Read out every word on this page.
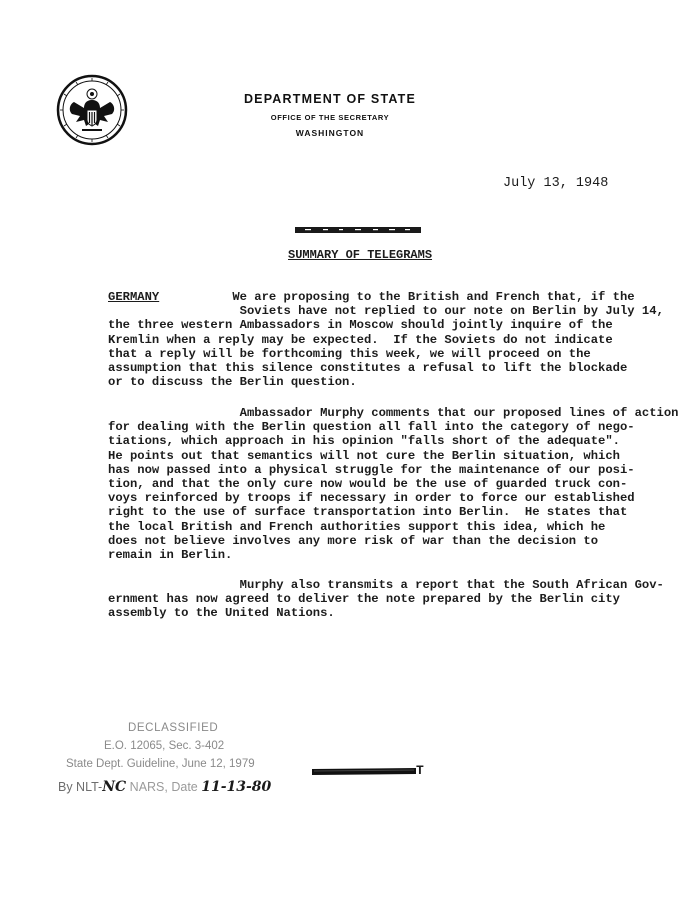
DEPARTMENT OF STATE
OFFICE OF THE SECRETARY
WASHINGTON
July 13, 1948
SUMMARY OF TELEGRAMS
GERMANY          We are proposing to the British and French that, if the
Soviets have not replied to our note on Berlin by July 14,
the three western Ambassadors in Moscow should jointly inquire of the
Kremlin when a reply may be expected.  If the Soviets do not indicate
that a reply will be forthcoming this week, we will proceed on the
assumption that this silence constitutes a refusal to lift the blockade
or to discuss the Berlin question.
Ambassador Murphy comments that our proposed lines of action
for dealing with the Berlin question all fall into the category of nego-
tiations, which approach in his opinion "falls short of the adequate".
He points out that semantics will not cure the Berlin situation, which
has now passed into a physical struggle for the maintenance of our posi-
tion, and that the only cure now would be the use of guarded truck con-
voys reinforced by troops if necessary in order to force our established
right to the use of surface transportation into Berlin.  He states that
the local British and French authorities support this idea, which he
does not believe involves any more risk of war than the decision to
remain in Berlin.
Murphy also transmits a report that the South African Gov-
ernment has now agreed to deliver the note prepared by the Berlin city
assembly to the United Nations.
DECLASSIFIED
E.O. 12065, Sec. 3-402
State Dept. Guideline, June 12, 1979
By NLT-NC NARS, Date 11-13-80
T
